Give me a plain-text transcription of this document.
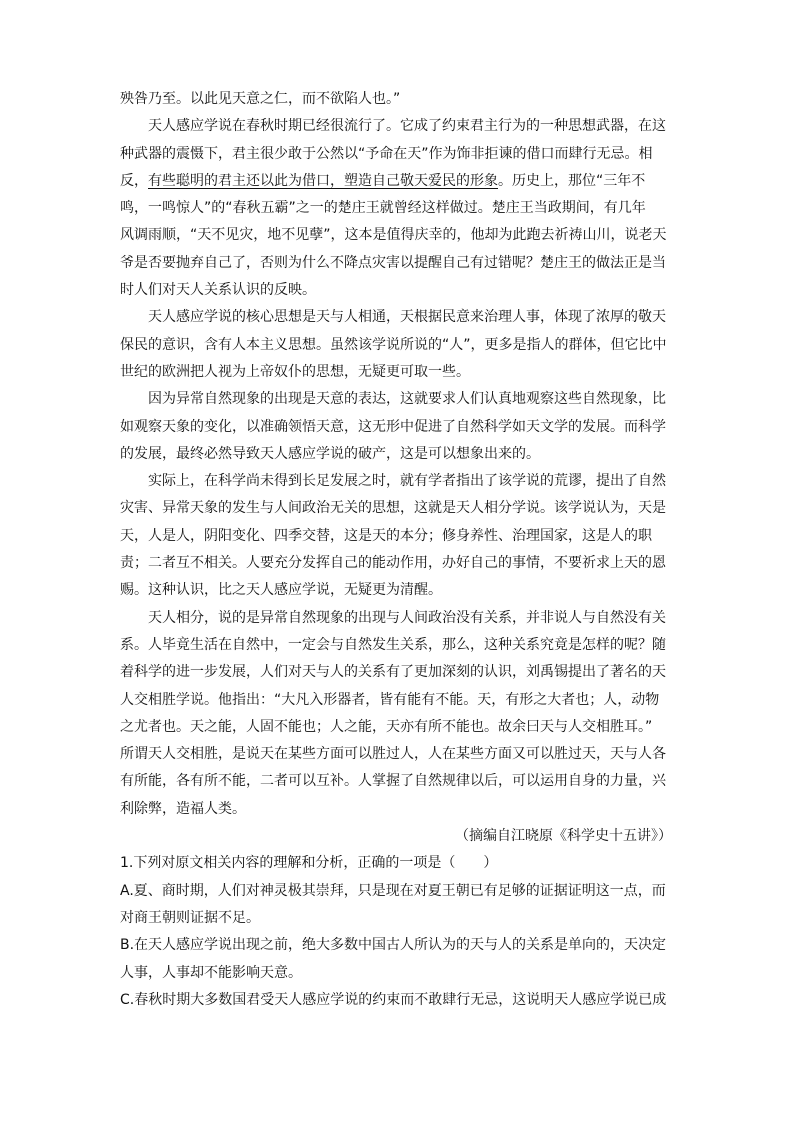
殃咎乃至。以此见天意之仁，而不欲陷人也。”
天人感应学说在春秋时期已经很流行了。它成了约束君主行为的一种思想武器，在这
种武器的震慑下，君主很少敢于公然以“予命在天”作为饰非拒谏的借口而肆行无忌。相
反，有些聪明的君主还以此为借口，塑造自己敬天爱民的形象。历史上，那位“三年不
鸣，一鸣惊人”的“春秋五霸”之一的楚庄王就曾经这样做过。楚庄王当政期间，有几年
风调雨顺，“天不见灾，地不见孽”，这本是值得庆幸的，他却为此跑去祈祷山川，说老天
爷是否要抛弃自己了，否则为什么不降点灾害以提醒自己有过错呢？楚庄王的做法正是当
时人们对天人关系认识的反映。
天人感应学说的核心思想是天与人相通，天根据民意来治理人事，体现了浓厚的敬天
保民的意识，含有人本主义思想。虽然该学说所说的“人”，更多是指人的群体，但它比中
世纪的欧洲把人视为上帝奴仆的思想，无疑更可取一些。
因为异常自然现象的出现是天意的表达，这就要求人们认真地观察这些自然现象，比
如观察天象的变化，以准确领悟天意，这无形中促进了自然科学如天文学的发展。而科学
的发展，最终必然导致天人感应学说的破产，这是可以想象出来的。
实际上，在科学尚未得到长足发展之时，就有学者指出了该学说的荒谬，提出了自然
灾害、异常天象的发生与人间政治无关的思想，这就是天人相分学说。该学说认为，天是
天，人是人，阴阳变化、四季交替，这是天的本分；修身养性、治理国家，这是人的职
责；二者互不相关。人要充分发挥自己的能动作用，办好自己的事情，不要祈求上天的恩
赐。这种认识，比之天人感应学说，无疑更为清醒。
天人相分，说的是异常自然现象的出现与人间政治没有关系，并非说人与自然没有关
系。人毕竟生活在自然中，一定会与自然发生关系，那么，这种关系究竟是怎样的呢？随
着科学的进一步发展，人们对天与人的关系有了更加深刻的认识，刘禹锡提出了著名的天
人交相胜学说。他指出：“大凡入形器者，皆有能有不能。天，有形之大者也；人，动物
之尤者也。天之能，人固不能也；人之能，天亦有所不能也。故余曰天与人交相胜耳。”
所谓天人交相胜，是说天在某些方面可以胜过人，人在某些方面又可以胜过天，天与人各
有所能，各有所不能，二者可以互补。人掌握了自然规律以后，可以运用自身的力量，兴
利除弊，造福人类。
（摘编自江晓原《科学史十五讲》）
1.下列对原文相关内容的理解和分析，正确的一项是（　　）
A.夏、商时期，人们对神灵极其崇拜，只是现在对夏王朝已有足够的证据证明这一点，而
对商王朝则证据不足。
B.在天人感应学说出现之前，绝大多数中国古人所认为的天与人的关系是单向的，天决定
人事，人事却不能影响天意。
C.春秋时期大多数国君受天人感应学说的约束而不敢肆行无忌，这说明天人感应学说已成
